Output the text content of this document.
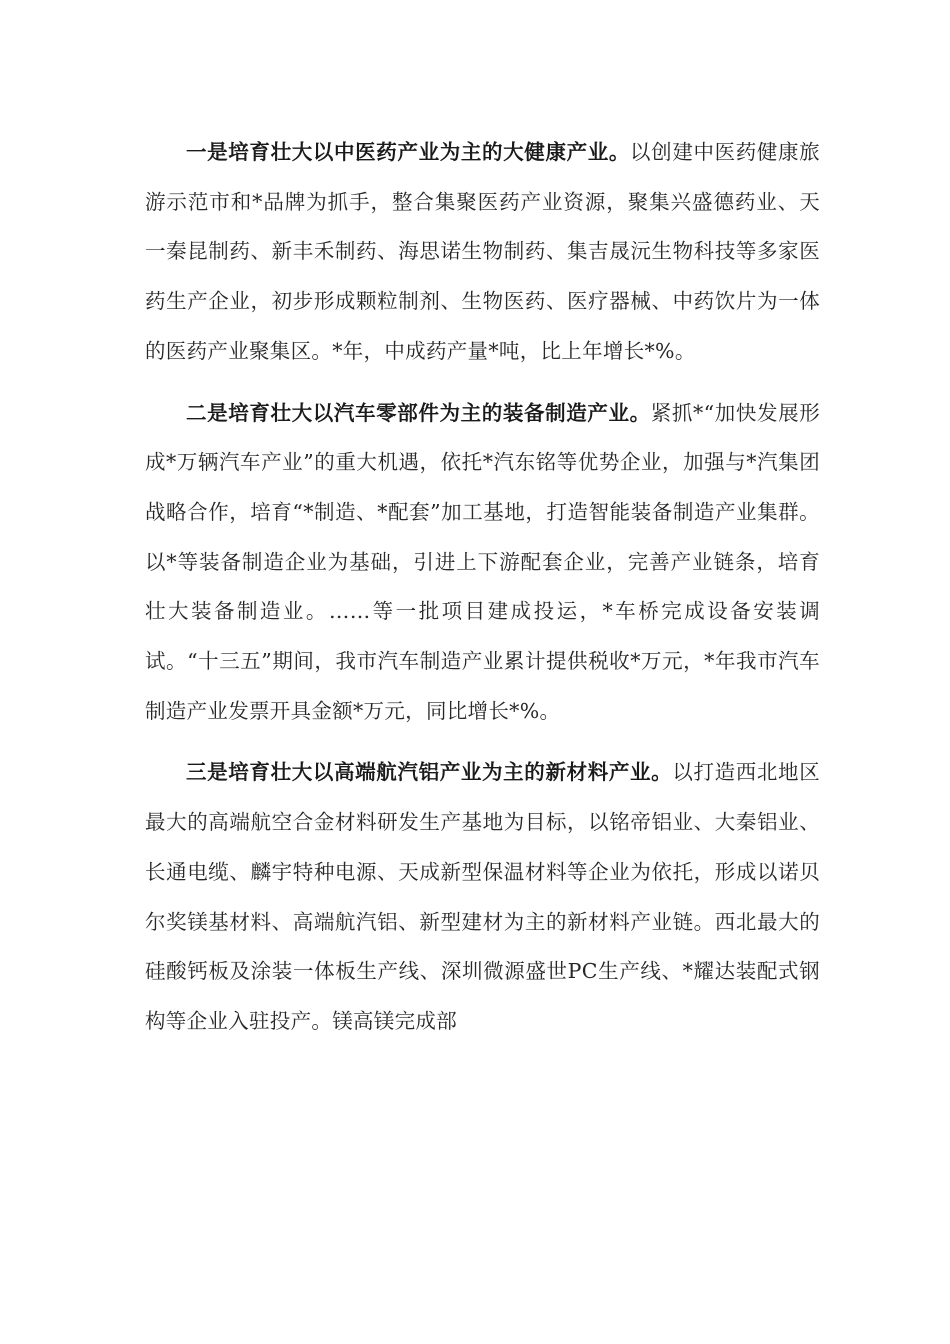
一是培育壮大以中医药产业为主的大健康产业。以创建中医药健康旅游示范市和*品牌为抓手，整合集聚医药产业资源，聚集兴盛德药业、天一秦昆制药、新丰禾制药、海思诺生物制药、集吉晟沅生物科技等多家医药生产企业，初步形成颗粒制剂、生物医药、医疗器械、中药饮片为一体的医药产业聚集区。*年，中成药产量*吨，比上年增长*%。

二是培育壮大以汽车零部件为主的装备制造产业。紧抓*“加快发展形成*万辆汽车产业”的重大机遇，依托*汽东铭等优势企业，加强与*汽集团战略合作，培育“*制造、*配套”加工基地，打造智能装备制造产业集群。以*等装备制造企业为基础，引进上下游配套企业，完善产业链条，培育壮大装备制造业。……等一批项目建成投运，*车桥完成设备安装调试。“十三五”期间，我市汽车制造产业累计提供税收*万元，*年我市汽车制造产业发票开具金额*万元，同比增长*%。

三是培育壮大以高端航汽铝产业为主的新材料产业。以打造西北地区最大的高端航空合金材料研发生产基地为目标，以铭帝铝业、大秦铝业、长通电缆、麟宇特种电源、天成新型保温材料等企业为依托，形成以诺贝尔奖镁基材料、高端航汽铝、新型建材为主的新材料产业链。西北最大的硅酸钙板及涂装一体板生产线、深圳微源盛世PC生产线、*耀达装配式钢构等企业入驻投产。镁高镁完成部
